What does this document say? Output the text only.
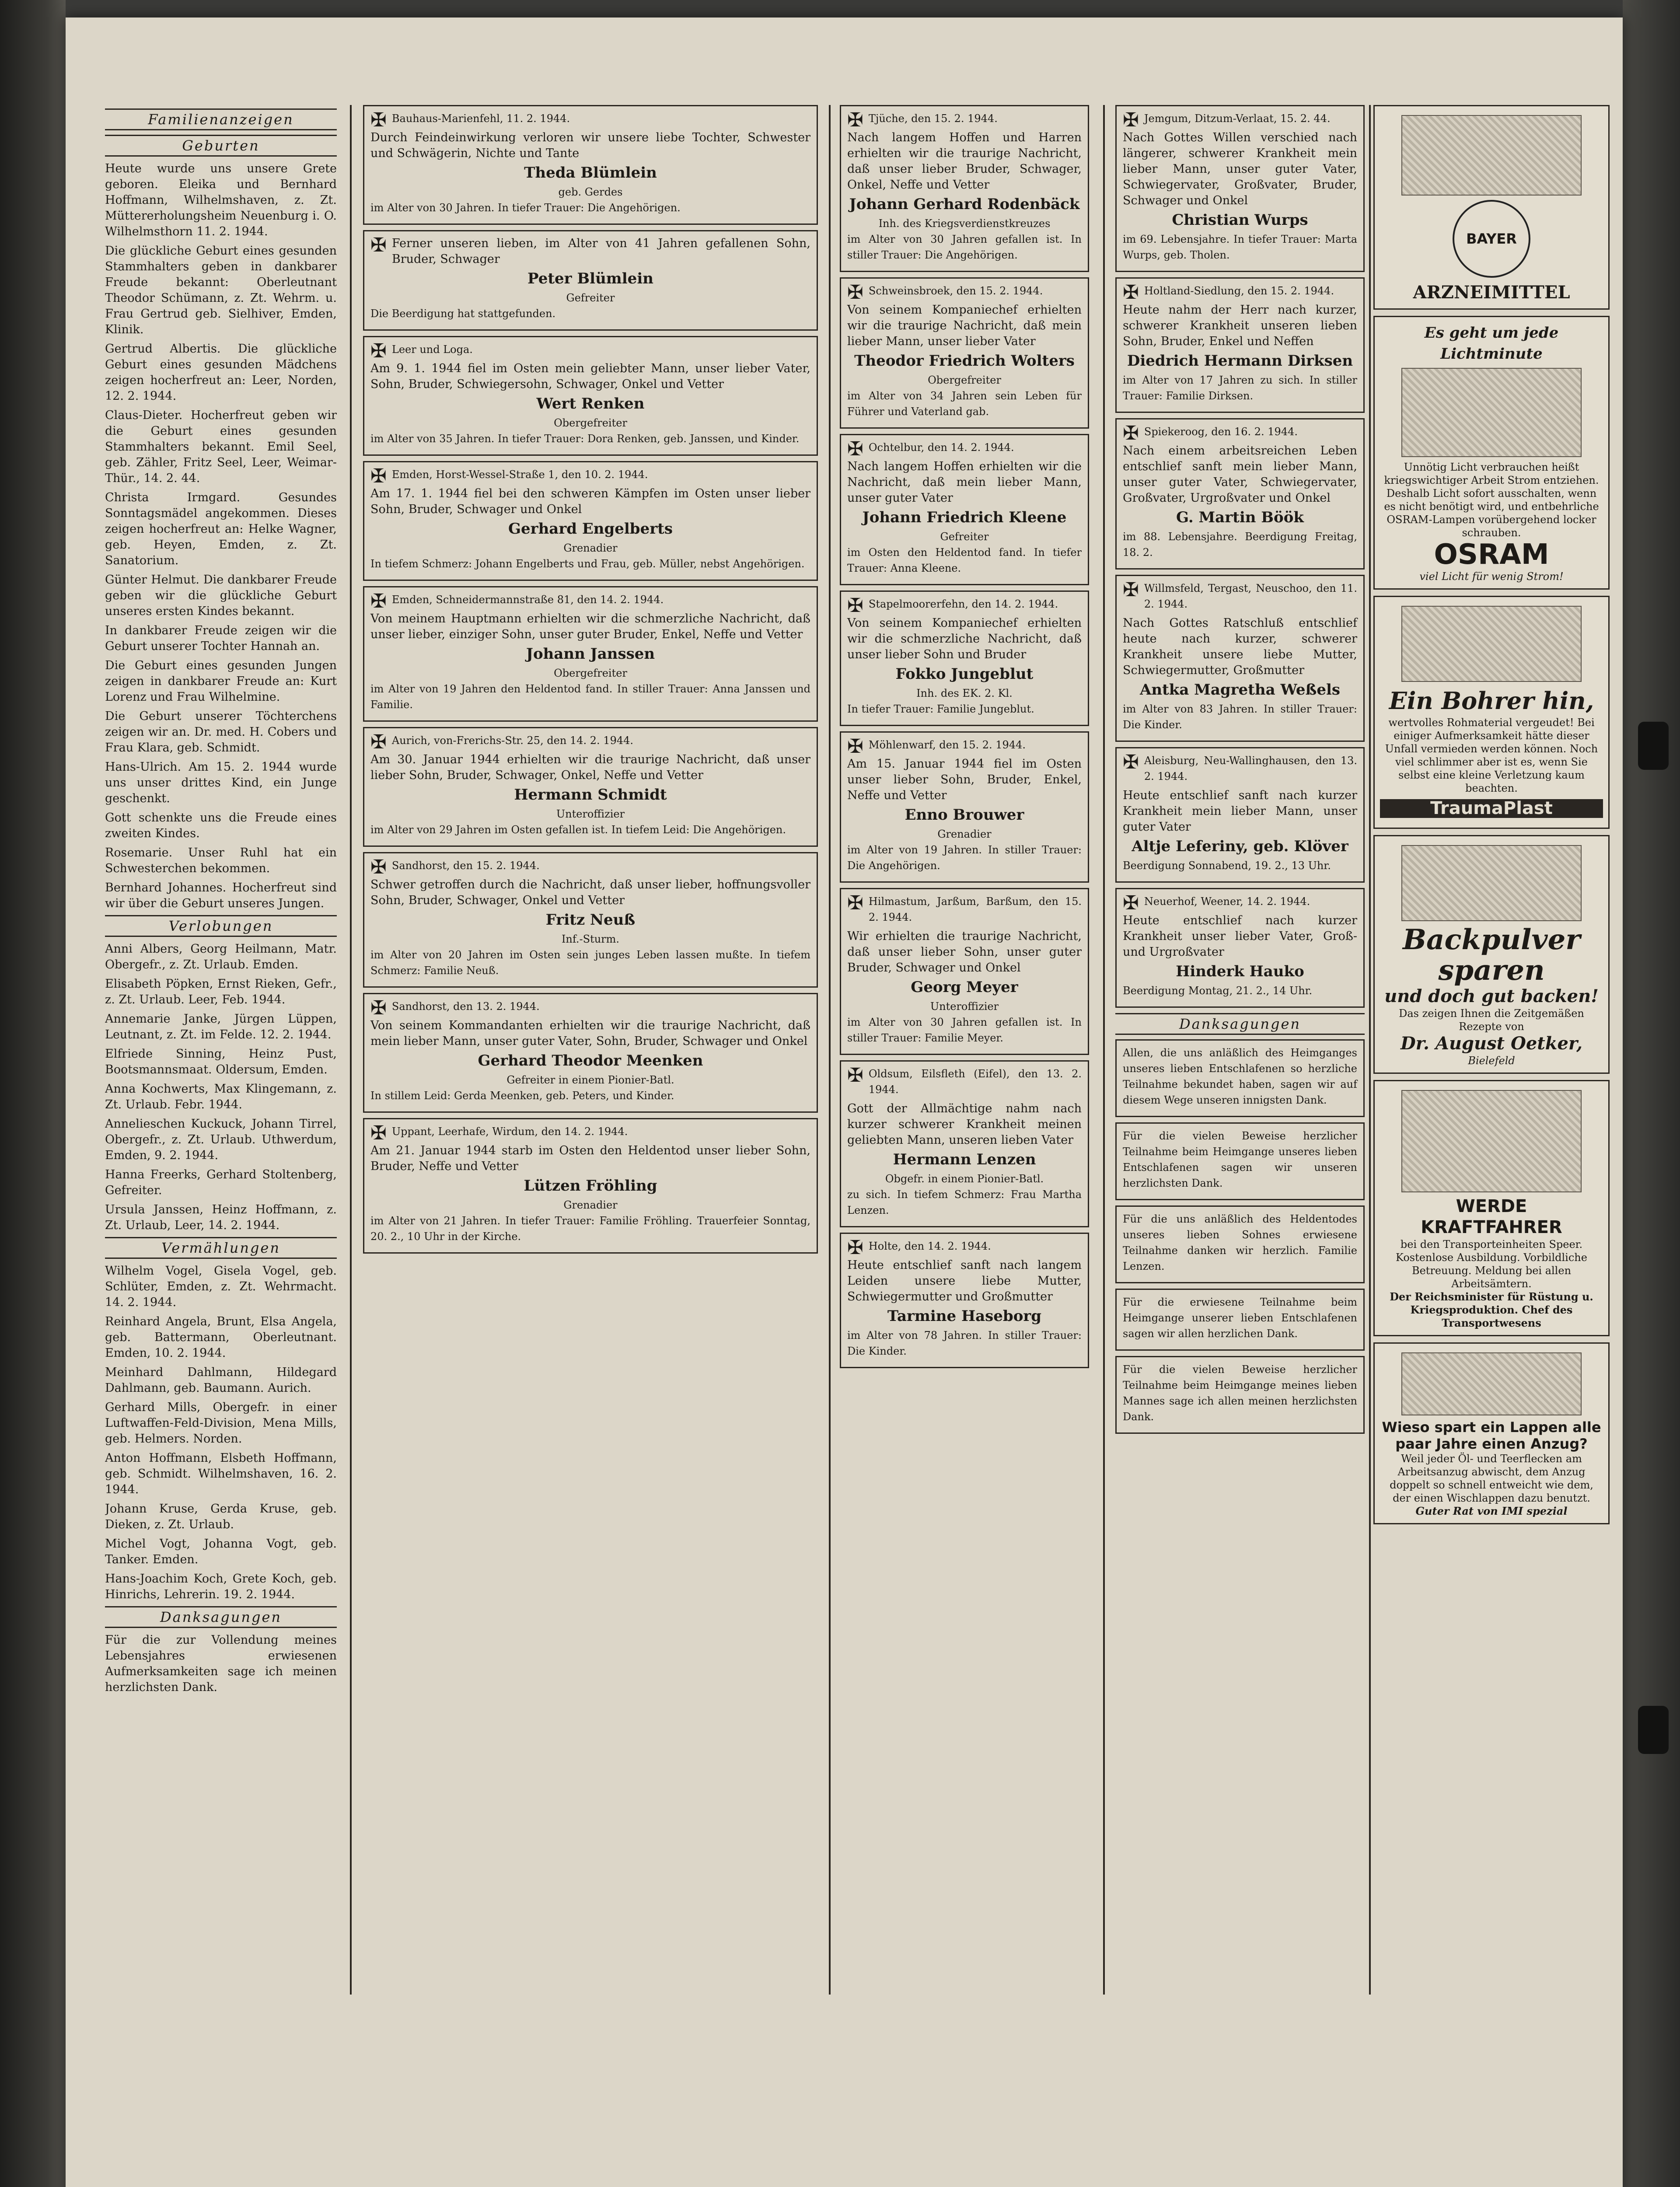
Familienanzeigen
Geburten

Heute wurde uns unsere Grete geboren. Eleika und Bernhard Hoffmann, Wilhelmshaven, z. Zt. Müttererholungsheim Neuenburg i. O. Wilhelmsthorn 11. 2. 1944.

Die glückliche Geburt eines gesunden Stammhalters geben in dankbarer Freude bekannt: Oberleutnant Theodor Schümann, z. Zt. Wehrm. u. Frau Gertrud geb. Sielhiver, Emden, Klinik.

Gertrud Albertis. Die glückliche Geburt eines gesunden Mädchens zeigen hocherfreut an: Leer, Norden, 12. 2. 1944.

Claus-Dieter. Hocherfreut geben wir die Geburt eines gesunden Stammhalters bekannt. Emil Seel, geb. Zähler, Fritz Seel, Leer, Weimar-Thür., 14. 2. 44.

Christa Irmgard. Gesundes Sonntagsmädel angekommen. Dieses zeigen hocherfreut an: Helke Wagner, geb. Heyen, Emden, z. Zt. Sanatorium.

Günter Helmut. Die dankbarer Freude geben wir die glückliche Geburt unseres ersten Kindes bekannt.

In dankbarer Freude zeigen wir die Geburt unserer Tochter Hannah an.

Die Geburt eines gesunden Jungen zeigen in dankbarer Freude an: Kurt Lorenz und Frau Wilhelmine.

Die Geburt unserer Töchterchens zeigen wir an. Dr. med. H. Cobers und Frau Klara, geb. Schmidt.

Hans-Ulrich. Am 15. 2. 1944 wurde uns unser drittes Kind, ein Junge geschenkt.

Gott schenkte uns die Freude eines zweiten Kindes.

Rosemarie. Unser Ruhl hat ein Schwesterchen bekommen.

Bernhard Johannes. Hocherfreut sind wir über die Geburt unseres Jungen.

Verlobungen

Anni Albers, Georg Heilmann, Matr. Obergefr., z. Zt. Urlaub. Emden.

Elisabeth Pöpken, Ernst Rieken, Gefr., z. Zt. Urlaub. Leer, Feb. 1944.

Annemarie Janke, Jürgen Lüppen, Leutnant, z. Zt. im Felde. 12. 2. 1944.

Elfriede Sinning, Heinz Pust, Bootsmannsmaat. Oldersum, Emden.

Anna Kochwerts, Max Klingemann, z. Zt. Urlaub. Febr. 1944.

Annelieschen Kuckuck, Johann Tirrel, Obergefr., z. Zt. Urlaub. Uthwerdum, Emden, 9. 2. 1944.

Hanna Freerks, Gerhard Stoltenberg, Gefreiter.

Ursula Janssen, Heinz Hoffmann, z. Zt. Urlaub, Leer, 14. 2. 1944.

Vermählungen

Wilhelm Vogel, Gisela Vogel, geb. Schlüter, Emden, z. Zt. Wehrmacht. 14. 2. 1944.

Reinhard Angela, Brunt, Elsa Angela, geb. Battermann, Oberleutnant. Emden, 10. 2. 1944.

Meinhard Dahlmann, Hildegard Dahlmann, geb. Baumann. Aurich.

Gerhard Mills, Obergefr. in einer Luftwaffen-Feld-Division, Mena Mills, geb. Helmers. Norden.

Anton Hoffmann, Elsbeth Hoffmann, geb. Schmidt. Wilhelmshaven, 16. 2. 1944.

Johann Kruse, Gerda Kruse, geb. Dieken, z. Zt. Urlaub.

Michel Vogt, Johanna Vogt, geb. Tanker. Emden.

Hans-Joachim Koch, Grete Koch, geb. Hinrichs, Lehrerin. 19. 2. 1944.

Danksagungen

Für die zur Vollendung meines Lebensjahres erwiesenen Aufmerksamkeiten sage ich meinen herzlichsten Dank.

✠ Bauhaus-Marienfehl, 11. 2. 1944.

Durch Feindeinwirkung verloren wir unsere liebe Tochter, Schwester und Schwägerin, Nichte und Tante

Theda Blümlein
geb. Gerdes

im Alter von 30 Jahren. In tiefer Trauer: Die Angehörigen.

✠ Ferner unseren lieben, im Alter von 41 Jahren gefallenen Sohn, Bruder, Schwager

Peter Blümlein
Gefreiter

Die Beerdigung hat stattgefunden.

✠ Leer und Loga.

Am 9. 1. 1944 fiel im Osten mein geliebter Mann, unser lieber Vater, Sohn, Bruder, Schwiegersohn, Schwager, Onkel und Vetter

Wert Renken
Obergefreiter

im Alter von 35 Jahren. In tiefer Trauer: Dora Renken, geb. Janssen, und Kinder.

✠ Emden, Horst-Wessel-Straße 1, den 10. 2. 1944.

Am 17. 1. 1944 fiel bei den schweren Kämpfen im Osten unser lieber Sohn, Bruder, Schwager und Onkel

Gerhard Engelberts
Grenadier

In tiefem Schmerz: Johann Engelberts und Frau, geb. Müller, nebst Angehörigen.

✠ Emden, Schneidermannstraße 81, den 14. 2. 1944.

Von meinem Hauptmann erhielten wir die schmerzliche Nachricht, daß unser lieber, einziger Sohn, unser guter Bruder, Enkel, Neffe und Vetter

Johann Janssen
Obergefreiter

im Alter von 19 Jahren den Heldentod fand. In stiller Trauer: Anna Janssen und Familie.

✠ Aurich, von-Frerichs-Str. 25, den 14. 2. 1944.

Am 30. Januar 1944 erhielten wir die traurige Nachricht, daß unser lieber Sohn, Bruder, Schwager, Onkel, Neffe und Vetter

Hermann Schmidt
Unteroffizier

im Alter von 29 Jahren im Osten gefallen ist. In tiefem Leid: Die Angehörigen.

✠ Sandhorst, den 15. 2. 1944.

Schwer getroffen durch die Nachricht, daß unser lieber, hoffnungsvoller Sohn, Bruder, Schwager, Onkel und Vetter

Fritz Neuß
Inf.-Sturm.

im Alter von 20 Jahren im Osten sein junges Leben lassen mußte. In tiefem Schmerz: Familie Neuß.

✠ Sandhorst, den 13. 2. 1944.

Von seinem Kommandanten erhielten wir die traurige Nachricht, daß mein lieber Mann, unser guter Vater, Sohn, Bruder, Schwager und Onkel

Gerhard Theodor Meenken
Gefreiter in einem Pionier-Batl.

In stillem Leid: Gerda Meenken, geb. Peters, und Kinder.

✠ Uppant, Leerhafe, Wirdum, den 14. 2. 1944.

Am 21. Januar 1944 starb im Osten den Heldentod unser lieber Sohn, Bruder, Neffe und Vetter

Lützen Fröhling
Grenadier

im Alter von 21 Jahren. In tiefer Trauer: Familie Fröhling. Trauerfeier Sonntag, 20. 2., 10 Uhr in der Kirche.

✠ Tjüche, den 15. 2. 1944.

Nach langem Hoffen und Harren erhielten wir die traurige Nachricht, daß unser lieber Bruder, Schwager, Onkel, Neffe und Vetter

Johann Gerhard Rodenbäck
Inh. des Kriegsverdienstkreuzes

im Alter von 30 Jahren gefallen ist. In stiller Trauer: Die Angehörigen.

✠ Schweinsbroek, den 15. 2. 1944.

Von seinem Kompaniechef erhielten wir die traurige Nachricht, daß mein lieber Mann, unser lieber Vater

Theodor Friedrich Wolters
Obergefreiter

im Alter von 34 Jahren sein Leben für Führer und Vaterland gab.

✠ Ochtelbur, den 14. 2. 1944.

Nach langem Hoffen erhielten wir die Nachricht, daß mein lieber Mann, unser guter Vater

Johann Friedrich Kleene
Gefreiter

im Osten den Heldentod fand. In tiefer Trauer: Anna Kleene.

✠ Stapelmoorerfehn, den 14. 2. 1944.

Von seinem Kompaniechef erhielten wir die schmerzliche Nachricht, daß unser lieber Sohn und Bruder

Fokko Jungeblut
Inh. des EK. 2. Kl.

In tiefer Trauer: Familie Jungeblut.

✠ Möhlenwarf, den 15. 2. 1944.

Am 15. Januar 1944 fiel im Osten unser lieber Sohn, Bruder, Enkel, Neffe und Vetter

Enno Brouwer
Grenadier

im Alter von 19 Jahren. In stiller Trauer: Die Angehörigen.

✠ Hilmastum, Jarßum, Barßum, den 15. 2. 1944.

Wir erhielten die traurige Nachricht, daß unser lieber Sohn, unser guter Bruder, Schwager und Onkel

Georg Meyer
Unteroffizier

im Alter von 30 Jahren gefallen ist. In stiller Trauer: Familie Meyer.

✠ Oldsum, Eilsfleth (Eifel), den 13. 2. 1944.

Gott der Allmächtige nahm nach kurzer schwerer Krankheit meinen geliebten Mann, unseren lieben Vater

Hermann Lenzen
Obgefr. in einem Pionier-Batl.

zu sich. In tiefem Schmerz: Frau Martha Lenzen.

✠ Holte, den 14. 2. 1944.

Heute entschlief sanft nach langem Leiden unsere liebe Mutter, Schwiegermutter und Großmutter

Tarmine Haseborg

im Alter von 78 Jahren. In stiller Trauer: Die Kinder.

✠ Jemgum, Ditzum-Verlaat, 15. 2. 44.

Nach Gottes Willen verschied nach längerer, schwerer Krankheit mein lieber Mann, unser guter Vater, Schwiegervater, Großvater, Bruder, Schwager und Onkel

Christian Wurps

im 69. Lebensjahre. In tiefer Trauer: Marta Wurps, geb. Tholen.

✠ Holtland-Siedlung, den 15. 2. 1944.

Heute nahm der Herr nach kurzer, schwerer Krankheit unseren lieben Sohn, Bruder, Enkel und Neffen

Diedrich Hermann Dirksen

im Alter von 17 Jahren zu sich. In stiller Trauer: Familie Dirksen.

✠ Spiekeroog, den 16. 2. 1944.

Nach einem arbeitsreichen Leben entschlief sanft mein lieber Mann, unser guter Vater, Schwiegervater, Großvater, Urgroßvater und Onkel

G. Martin Böök

im 88. Lebensjahre. Beerdigung Freitag, 18. 2.

✠ Willmsfeld, Tergast, Neuschoo, den 11. 2. 1944.

Nach Gottes Ratschluß entschlief heute nach kurzer, schwerer Krankheit unsere liebe Mutter, Schwiegermutter, Großmutter

Antka Magretha Weßels

im Alter von 83 Jahren. In stiller Trauer: Die Kinder.

✠ Aleisburg, Neu-Wallinghausen, den 13. 2. 1944.

Heute entschlief sanft nach kurzer Krankheit mein lieber Mann, unser guter Vater

Altje Leferiny, geb. Klöver

Beerdigung Sonnabend, 19. 2., 13 Uhr.

✠ Neuerhof, Weener, 14. 2. 1944.

Heute entschlief nach kurzer Krankheit unser lieber Vater, Groß- und Urgroßvater

Hinderk Hauko

Beerdigung Montag, 21. 2., 14 Uhr.

Danksagungen

Allen, die uns anläßlich des Heimganges unseres lieben Entschlafenen so herzliche Teilnahme bekundet haben, sagen wir auf diesem Wege unseren innigsten Dank.

Für die vielen Beweise herzlicher Teilnahme beim Heimgange unseres lieben Entschlafenen sagen wir unseren herzlichsten Dank.

Für die uns anläßlich des Heldentodes unseres lieben Sohnes erwiesene Teilnahme danken wir herzlich. Familie Lenzen.

Für die erwiesene Teilnahme beim Heimgange unserer lieben Entschlafenen sagen wir allen herzlichen Dank.

Für die vielen Beweise herzlicher Teilnahme beim Heimgange meines lieben Mannes sage ich allen meinen herzlichsten Dank.

BAYER
ARZNEIMITTEL
Es geht um jede Lichtminute
Unnötig Licht verbrauchen heißt kriegswichtiger Arbeit Strom entziehen. Deshalb Licht sofort ausschalten, wenn es nicht benötigt wird, und entbehrliche OSRAM-Lampen vorübergehend locker schrauben.
OSRAM
viel Licht für wenig Strom!
Ein Bohrer hin,
wertvolles Rohmaterial vergeudet! Bei einiger Aufmerksamkeit hätte dieser Unfall vermieden werden können. Noch viel schlimmer aber ist es, wenn Sie selbst eine kleine Verletzung kaum beachten.
TraumaPlast
Backpulver
sparen
und doch gut backen!
Das zeigen Ihnen die Zeitgemäßen Rezepte von
Dr. August Oetker,
Bielefeld
WERDE
KRAFTFAHRER
bei den Transporteinheiten Speer. Kostenlose Ausbildung. Vorbildliche Betreuung. Meldung bei allen Arbeitsämtern.
Der Reichsminister für Rüstung u. Kriegsproduktion. Chef des Transportwesens
Wieso spart ein Lappen alle paar Jahre einen Anzug?
Weil jeder Öl- und Teerflecken am Arbeitsanzug abwischt, dem Anzug doppelt so schnell entweicht wie dem, der einen Wischlappen dazu benutzt.
Guter Rat von IMI spezial
